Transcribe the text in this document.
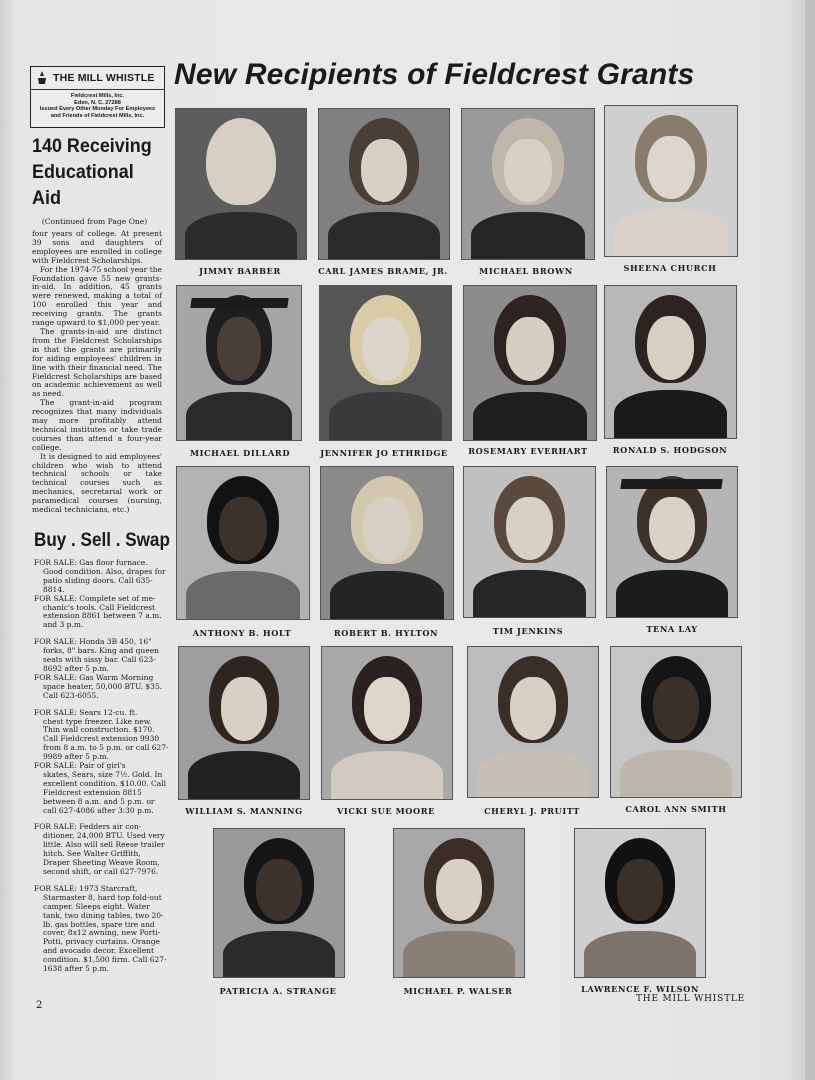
THE MILL WHISTLE
Fieldcrest Mills, Inc.
Eden, N. C. 27288
Issued Every Other Monday For Employees
and Friends of Fieldcrest Mills, Inc.
New Recipients of Fieldcrest Grants
140 Receiving Educational Aid
(Continued from Page One)

four years of college. At present 39 sons and daughters of employees are enrolled in college with Fieldcrest Scholarships.

For the 1974-75 school year the Foundation gave 55 new grants-in-aid. In addition, 45 grants were renewed, making a total of 100 enrolled this year and receiving grants. The grants range upward to $1,000 per year.

The grants-in-aid are distinct from the Fieldcrest Scholarships in that the grants are primarily for aiding employees' children in line with their financial need. The Fieldcrest Scholarships are based on academic achievement as well as need.

The grant-in-aid program recognizes that many individuals may more profitably attend technical institutes or take trade courses than attend a four-year college.

It is designed to aid employees' children who wish to attend technical schools or take technical courses such as mechanics, secretarial work or paramedical courses (nursing, medical technicians, etc.)

Buy . Sell . Swap
FOR SALE: Gas floor furnace.
Good condition. Also, drapes for patio sliding doors. Call 635-8814.
FOR SALE: Complete set of me-
chanic's tools. Call Fieldcrest extension 8861 between 7 a.m. and 3 p.m.
FOR SALE: Honda 3B 450, 16"
forks, 8" bars. King and queen seats with sissy bar. Call 623-8692 after 5 p.m.
FOR SALE: Gas Warm Morning
space heater, 50,000 BTU. $35. Call 623-6055.
FOR SALE: Sears 12-cu. ft.
chest type freezer. Like new. Thin wall construction. $170. Call Fieldcrest extension 9930 from 8 a.m. to 5 p.m. or call 627-9989 after 5 p.m.
FOR SALE: Pair of girl's
skates, Sears, size 7½. Gold. In excellent condition. $10.00. Call Fieldcrest extension 8815 between 8 a.m. and 5 p.m. or call 627-4086 after 3:30 p.m.
FOR SALE: Fedders air con-
ditioner, 24,000 BTU. Used very little. Also will sell Reese trailer hitch. See Walter Griffith, Draper Sheeting Weave Room, second shift, or call 627-7976.
FOR SALE: 1973 Starcraft,
Starmaster 8, hard top fold-out camper. Sleeps eight. Water tank, two dining tables, two 20-lb. gas bottles, spare tire and cover, 8x12 awning, new Porti-Potti, privacy curtains. Orange and avocado decor. Excellent condition. $1,500 firm. Call 627-1638 after 5 p.m.
JIMMY BARBER	CARL JAMES BRAME, JR.	MICHAEL BROWN	SHEENA CHURCH
MICHAEL DILLARD	JENNIFER JO ETHRIDGE	ROSEMARY EVERHART	RONALD S. HODGSON
ANTHONY B. HOLT	ROBERT B. HYLTON	TIM JENKINS	TENA LAY
WILLIAM S. MANNING	VICKI SUE MOORE	CHERYL J. PRUITT	CAROL ANN SMITH
PATRICIA A. STRANGE	MICHAEL P. WALSER	LAWRENCE F. WILSON
2
THE MILL WHISTLE
